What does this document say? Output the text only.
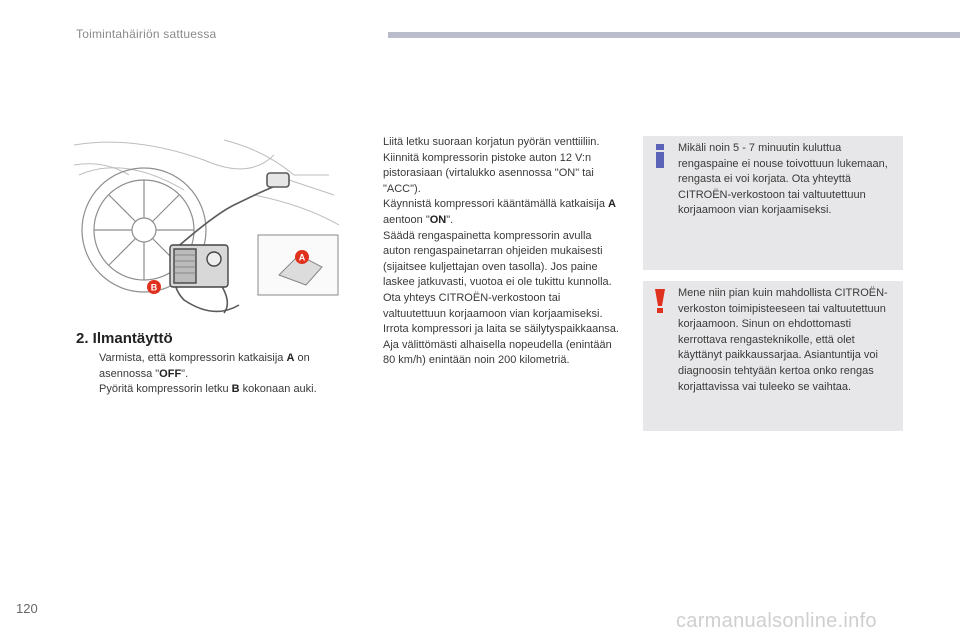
Toimintahäiriön sattuessa
A
B
2. Ilmantäyttö
Varmista, että kompressorin katkaisija A on asennossa "OFF".
Pyöritä kompressorin letku B kokonaan auki.
Liitä letku suoraan korjatun pyörän venttiiliin.
Kiinnitä kompressorin pistoke auton 12 V:n pistorasiaan (virtalukko asennossa "ON" tai "ACC").
Käynnistä kompressori kääntämällä katkaisija A aentoon "ON".
Säädä rengaspainetta kompressorin avulla auton rengaspainetarran ohjeiden mukaisesti (sijaitsee kuljettajan oven tasolla). Jos paine laskee jatkuvasti, vuotoa ei ole tukittu kunnolla. Ota yhteys CITROËN-verkostoon tai valtuutettuun korjaamoon vian korjaamiseksi.
Irrota kompressori ja laita se säilytyspaikkaansa.
Aja välittömästi alhaisella nopeudella (enintään 80 km/h) enintään noin 200 kilometriä.
Mikäli noin 5 - 7 minuutin kuluttua rengaspaine ei nouse toivottuun lukemaan, rengasta ei voi korjata. Ota yhteyttä CITROËN-verkostoon tai valtuutettuun korjaamoon vian korjaamiseksi.
Mene niin pian kuin mahdollista CITROËN-verkoston toimipisteeseen tai valtuutettuun korjaamoon. Sinun on ehdottomasti kerrottava rengasteknikolle, että olet käyttänyt paikkaussarjaa. Asiantuntija voi diagnoosin tehtyään kertoa onko rengas korjattavissa vai tuleeko se vaihtaa.
120
carmanualsonline.info
